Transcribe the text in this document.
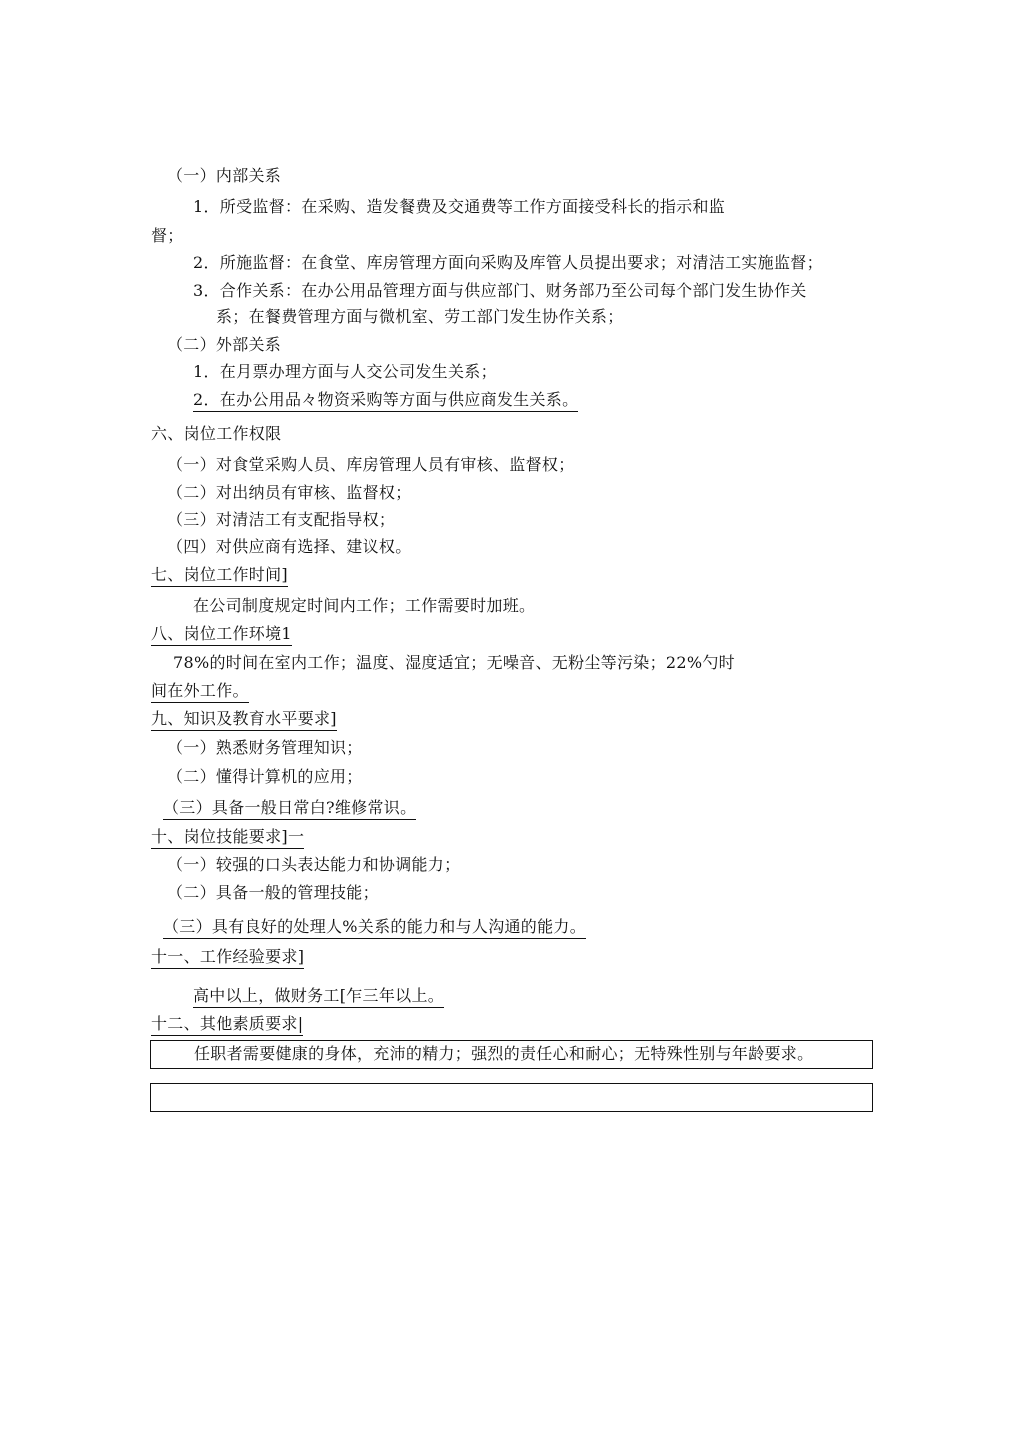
（一）内部关系
1．所受监督：在采购、造发餐费及交通费等工作方面接受科长的指示和监
督；
2．所施监督：在食堂、库房管理方面向采购及库管人员提出要求；对清洁工实施监督；
3．合作关系：在办公用品管理方面与供应部门、财务部乃至公司每个部门发生协作关
系；在餐费管理方面与微机室、劳工部门发生协作关系；
（二）外部关系
1．在月票办理方面与人交公司发生关系；
2．在办公用品々物资采购等方面与供应商发生关系。
六、岗位工作权限
（一）对食堂采购人员、库房管理人员有审核、监督权；
（二）对出纳员有审核、监督权；
（三）对清洁工有支配指导权；
（四）对供应商有选择、建议权。
七、岗位工作时间]
在公司制度规定时间内工作；工作需要时加班。
八、岗位工作环境1
78%的时间在室内工作；温度、湿度适宜；无噪音、无粉尘等污染；22%勺时
间在外工作。
九、知识及教育水平要求]
（一）熟悉财务管理知识；
（二）懂得计算机的应用；
（三）具备一般日常白?维修常识。
十、岗位技能要求]一
（一）较强的口头表达能力和协调能力；
（二）具备一般的管理技能；
（三）具有良好的处理人%关系的能力和与人沟通的能力。
十一、工作经验要求]
高中以上，做财务工[乍三年以上。
十二、其他素质要求|
任职者需要健康的身体，充沛的精力；强烈的责任心和耐心；无特殊性别与年龄要求。
